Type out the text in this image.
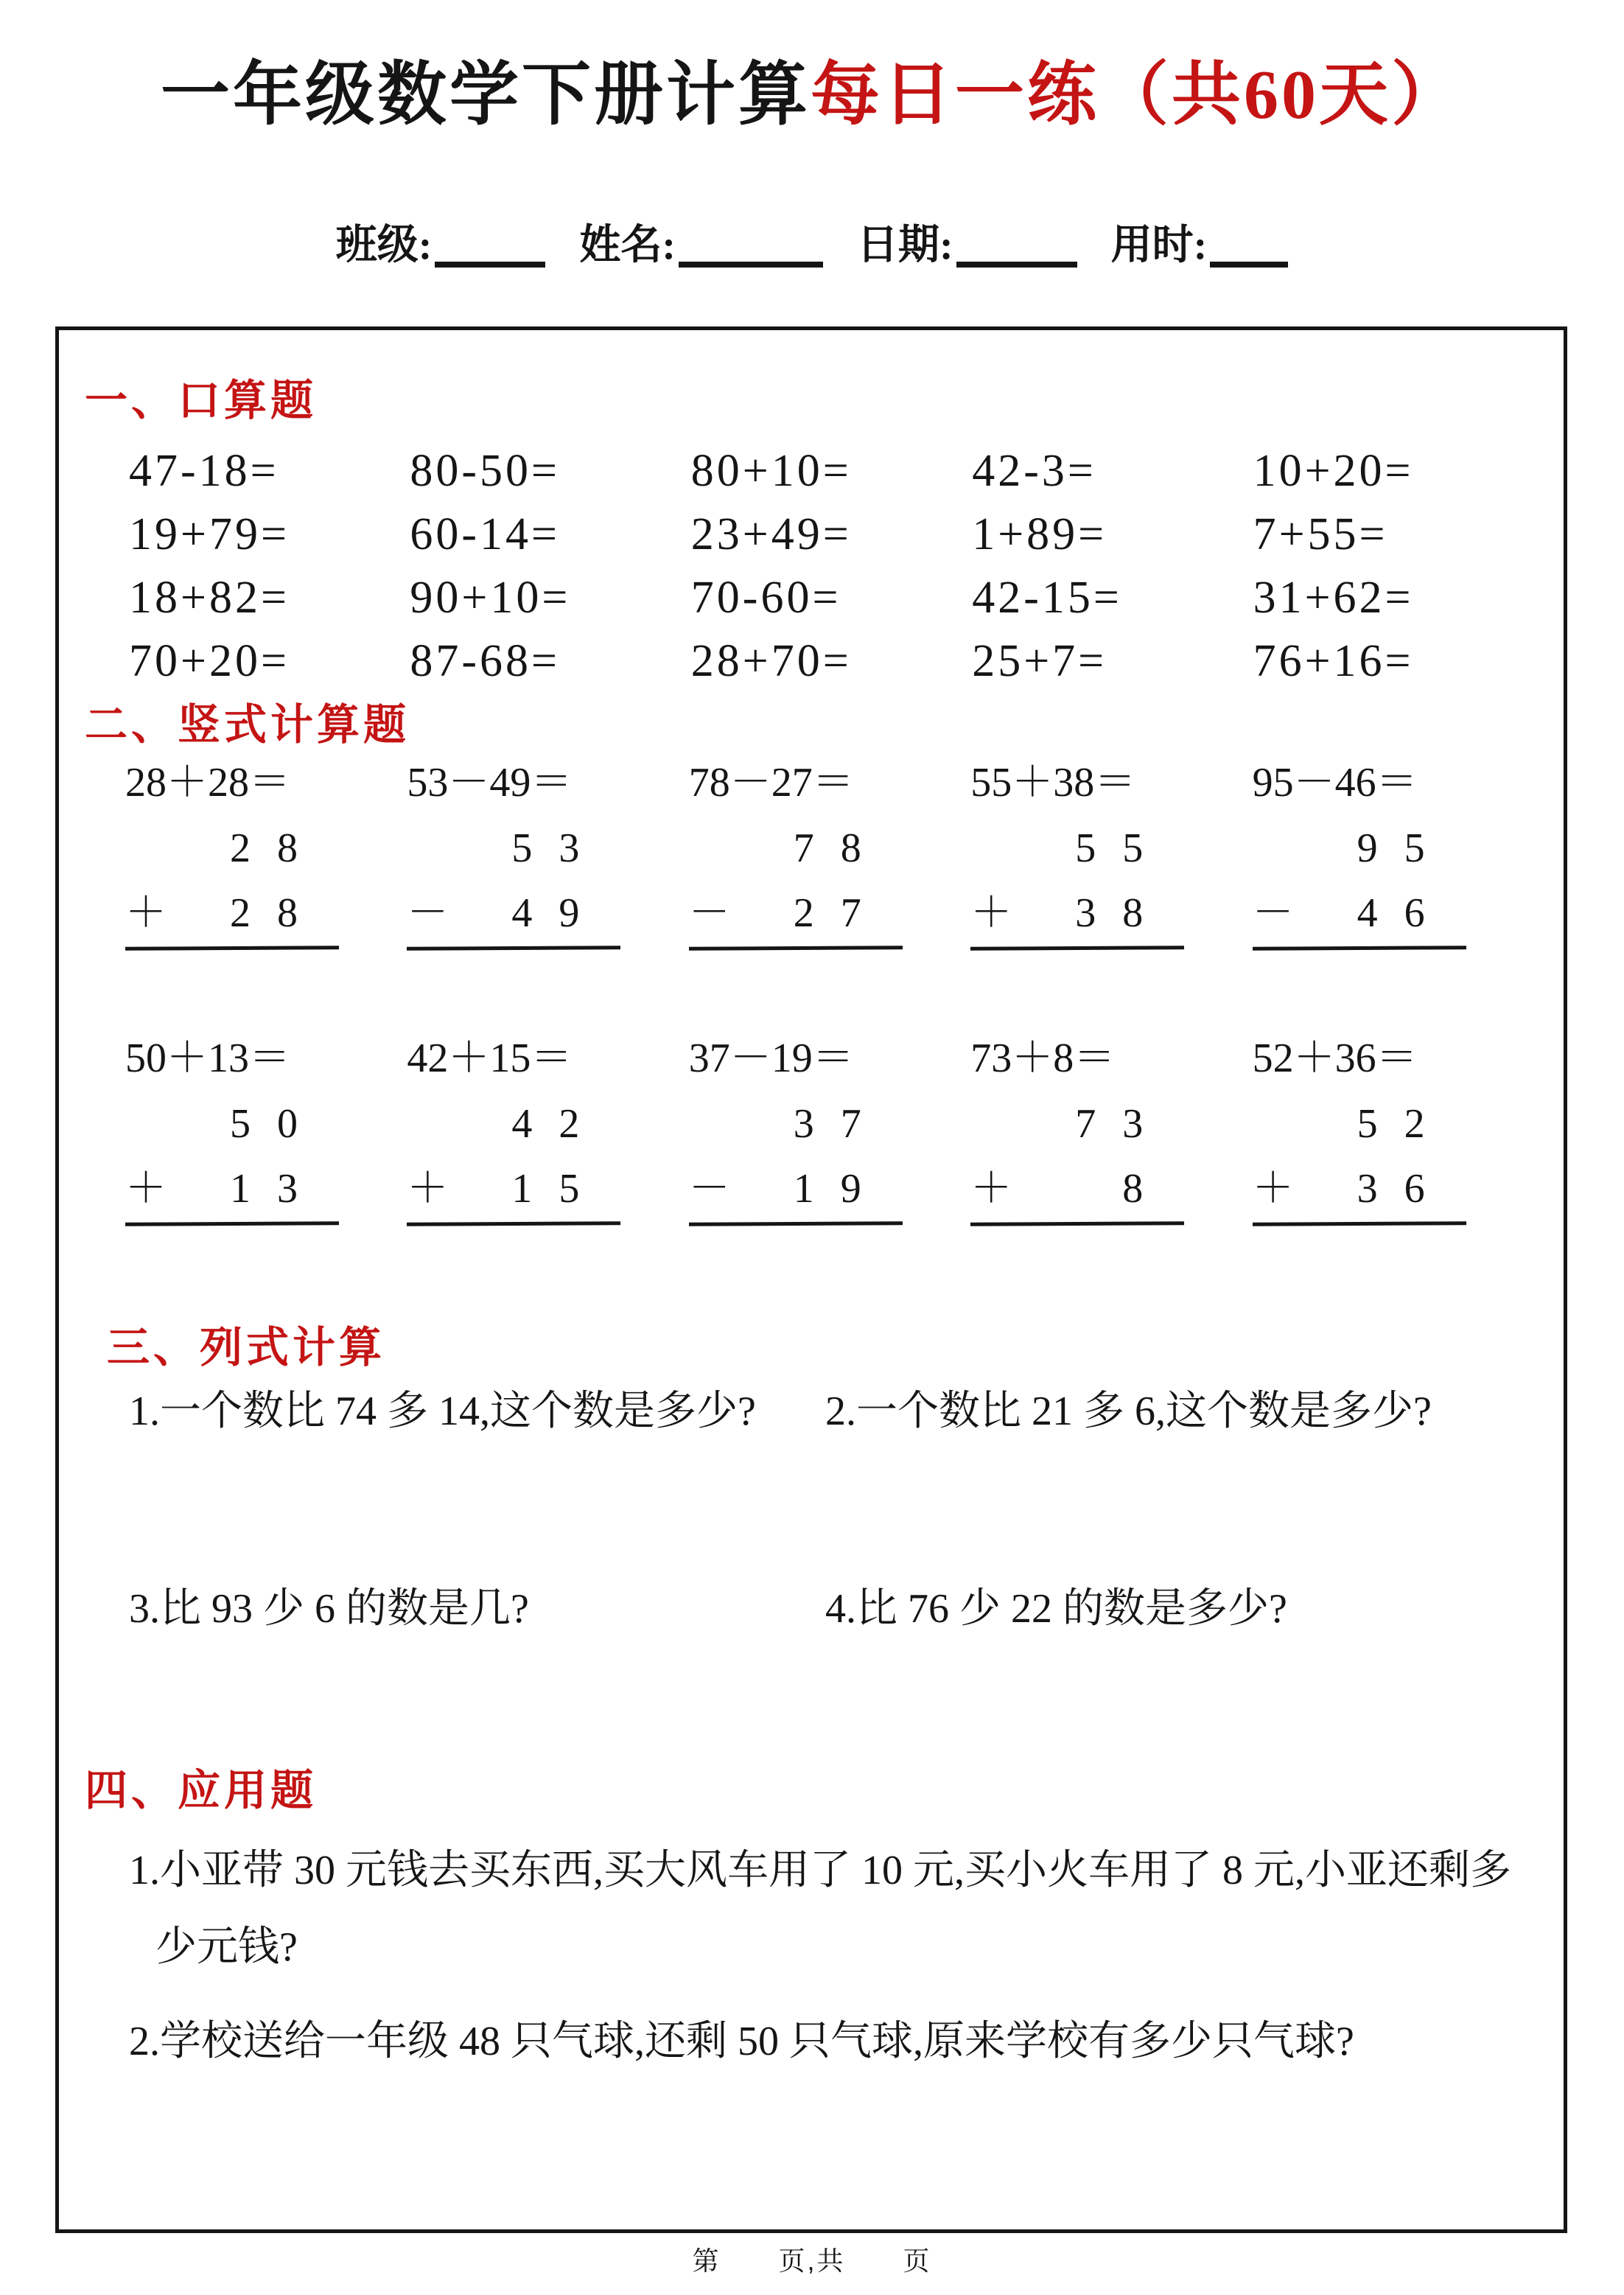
一年级数学下册计算每日一练（共60天）
班级:	姓名:	日期:	用时:
一、口算题
47-18=	80-50=	80+10=	42-3=	10+20=
19+79=	60-14=	23+49=	1+89=	7+55=
18+82=	90+10=	70-60=	42-15=	31+62=
70+20=	87-68=	28+70=	25+7=	76+16=
二、竖式计算题
28＋28＝
28
＋ 28
53－49＝
53
－ 49
78－27＝
78
－ 27
55＋38＝
55
＋ 38
95－46＝
95
－ 46
50＋13＝
50
＋ 13
42＋15＝
42
＋ 15
37－19＝
37
－ 19
73＋8＝
73
＋	8
52＋36＝
52
＋ 36
三、列式计算
1.一个数比 74 多 14,这个数是多少?	2.一个数比 21 多 6,这个数是多少?
3.比 93 少 6 的数是几?	4.比 76 少 22 的数是多少?
四、应用题

1.小亚带 30 元钱去买东西,买大风车用了 10 元,买小火车用了 8 元,小亚还剩多少元钱?

2.学校送给一年级 48 只气球,还剩 50 只气球,原来学校有多少只气球?

第　　页,共　　页
